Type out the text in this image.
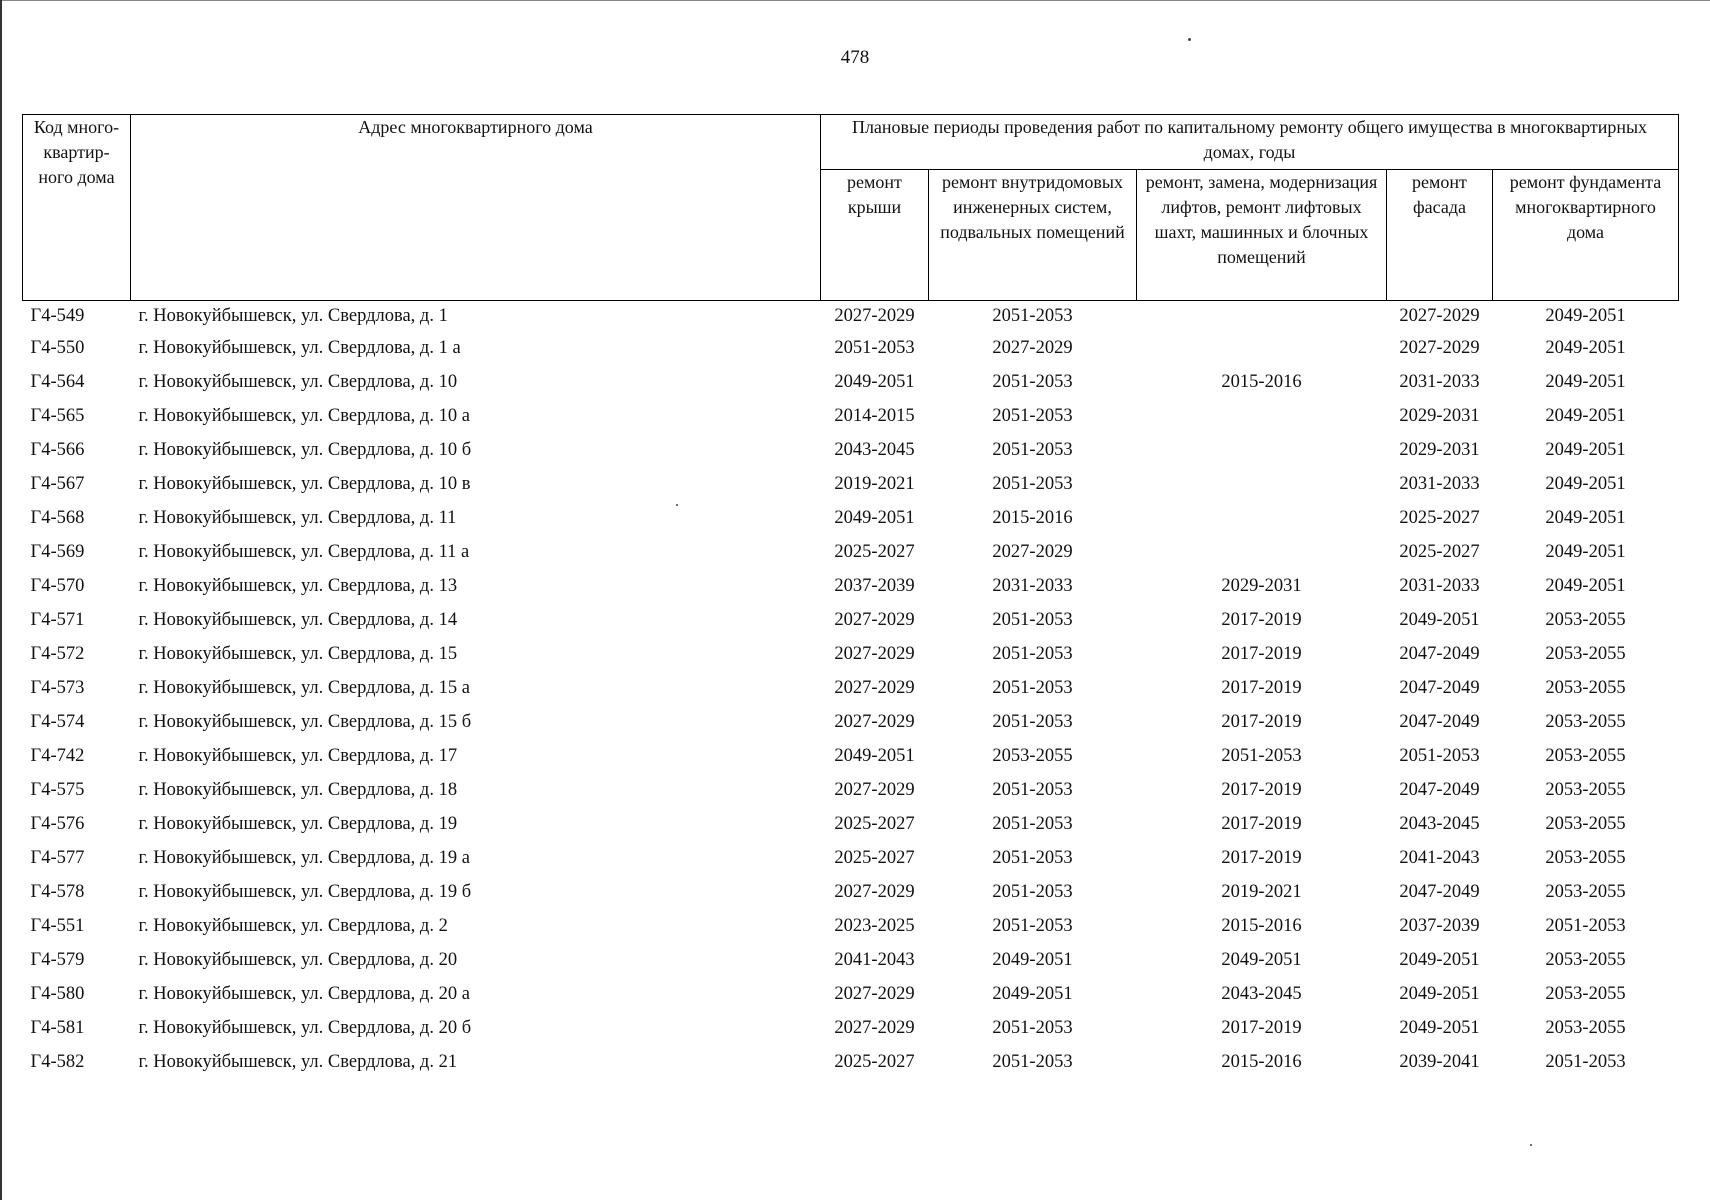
478
Код много-
квартир-
ного дома	Адрес многоквартирного дома	Плановые периоды проведения работ по капитальному ремонту общего имущества в многоквартирных домах, годы				
		ремонт крыши	ремонт внутридомовых инженерных систем, подвальных помещений	ремонт, замена, модернизация лифтов, ремонт лифтовых шахт, машинных и блочных помещений	ремонт фасада	ремонт фундамента многоквартирного дома
Г4-549	г. Новокуйбышевск, ул. Свердлова, д. 1	2027-2029	2051-2053		2027-2029	2049-2051
Г4-550	г. Новокуйбышевск, ул. Свердлова, д. 1 а	2051-2053	2027-2029		2027-2029	2049-2051
Г4-564	г. Новокуйбышевск, ул. Свердлова, д. 10	2049-2051	2051-2053	2015-2016	2031-2033	2049-2051
Г4-565	г. Новокуйбышевск, ул. Свердлова, д. 10 а	2014-2015	2051-2053		2029-2031	2049-2051
Г4-566	г. Новокуйбышевск, ул. Свердлова, д. 10 б	2043-2045	2051-2053		2029-2031	2049-2051
Г4-567	г. Новокуйбышевск, ул. Свердлова, д. 10 в	2019-2021	2051-2053		2031-2033	2049-2051
Г4-568	г. Новокуйбышевск, ул. Свердлова, д. 11	2049-2051	2015-2016		2025-2027	2049-2051
Г4-569	г. Новокуйбышевск, ул. Свердлова, д. 11 а	2025-2027	2027-2029		2025-2027	2049-2051
Г4-570	г. Новокуйбышевск, ул. Свердлова, д. 13	2037-2039	2031-2033	2029-2031	2031-2033	2049-2051
Г4-571	г. Новокуйбышевск, ул. Свердлова, д. 14	2027-2029	2051-2053	2017-2019	2049-2051	2053-2055
Г4-572	г. Новокуйбышевск, ул. Свердлова, д. 15	2027-2029	2051-2053	2017-2019	2047-2049	2053-2055
Г4-573	г. Новокуйбышевск, ул. Свердлова, д. 15 а	2027-2029	2051-2053	2017-2019	2047-2049	2053-2055
Г4-574	г. Новокуйбышевск, ул. Свердлова, д. 15 б	2027-2029	2051-2053	2017-2019	2047-2049	2053-2055
Г4-742	г. Новокуйбышевск, ул. Свердлова, д. 17	2049-2051	2053-2055	2051-2053	2051-2053	2053-2055
Г4-575	г. Новокуйбышевск, ул. Свердлова, д. 18	2027-2029	2051-2053	2017-2019	2047-2049	2053-2055
Г4-576	г. Новокуйбышевск, ул. Свердлова, д. 19	2025-2027	2051-2053	2017-2019	2043-2045	2053-2055
Г4-577	г. Новокуйбышевск, ул. Свердлова, д. 19 а	2025-2027	2051-2053	2017-2019	2041-2043	2053-2055
Г4-578	г. Новокуйбышевск, ул. Свердлова, д. 19 б	2027-2029	2051-2053	2019-2021	2047-2049	2053-2055
Г4-551	г. Новокуйбышевск, ул. Свердлова, д. 2	2023-2025	2051-2053	2015-2016	2037-2039	2051-2053
Г4-579	г. Новокуйбышевск, ул. Свердлова, д. 20	2041-2043	2049-2051	2049-2051	2049-2051	2053-2055
Г4-580	г. Новокуйбышевск, ул. Свердлова, д. 20 а	2027-2029	2049-2051	2043-2045	2049-2051	2053-2055
Г4-581	г. Новокуйбышевск, ул. Свердлова, д. 20 б	2027-2029	2051-2053	2017-2019	2049-2051	2053-2055
Г4-582	г. Новокуйбышевск, ул. Свердлова, д. 21	2025-2027	2051-2053	2015-2016	2039-2041	2051-2053
